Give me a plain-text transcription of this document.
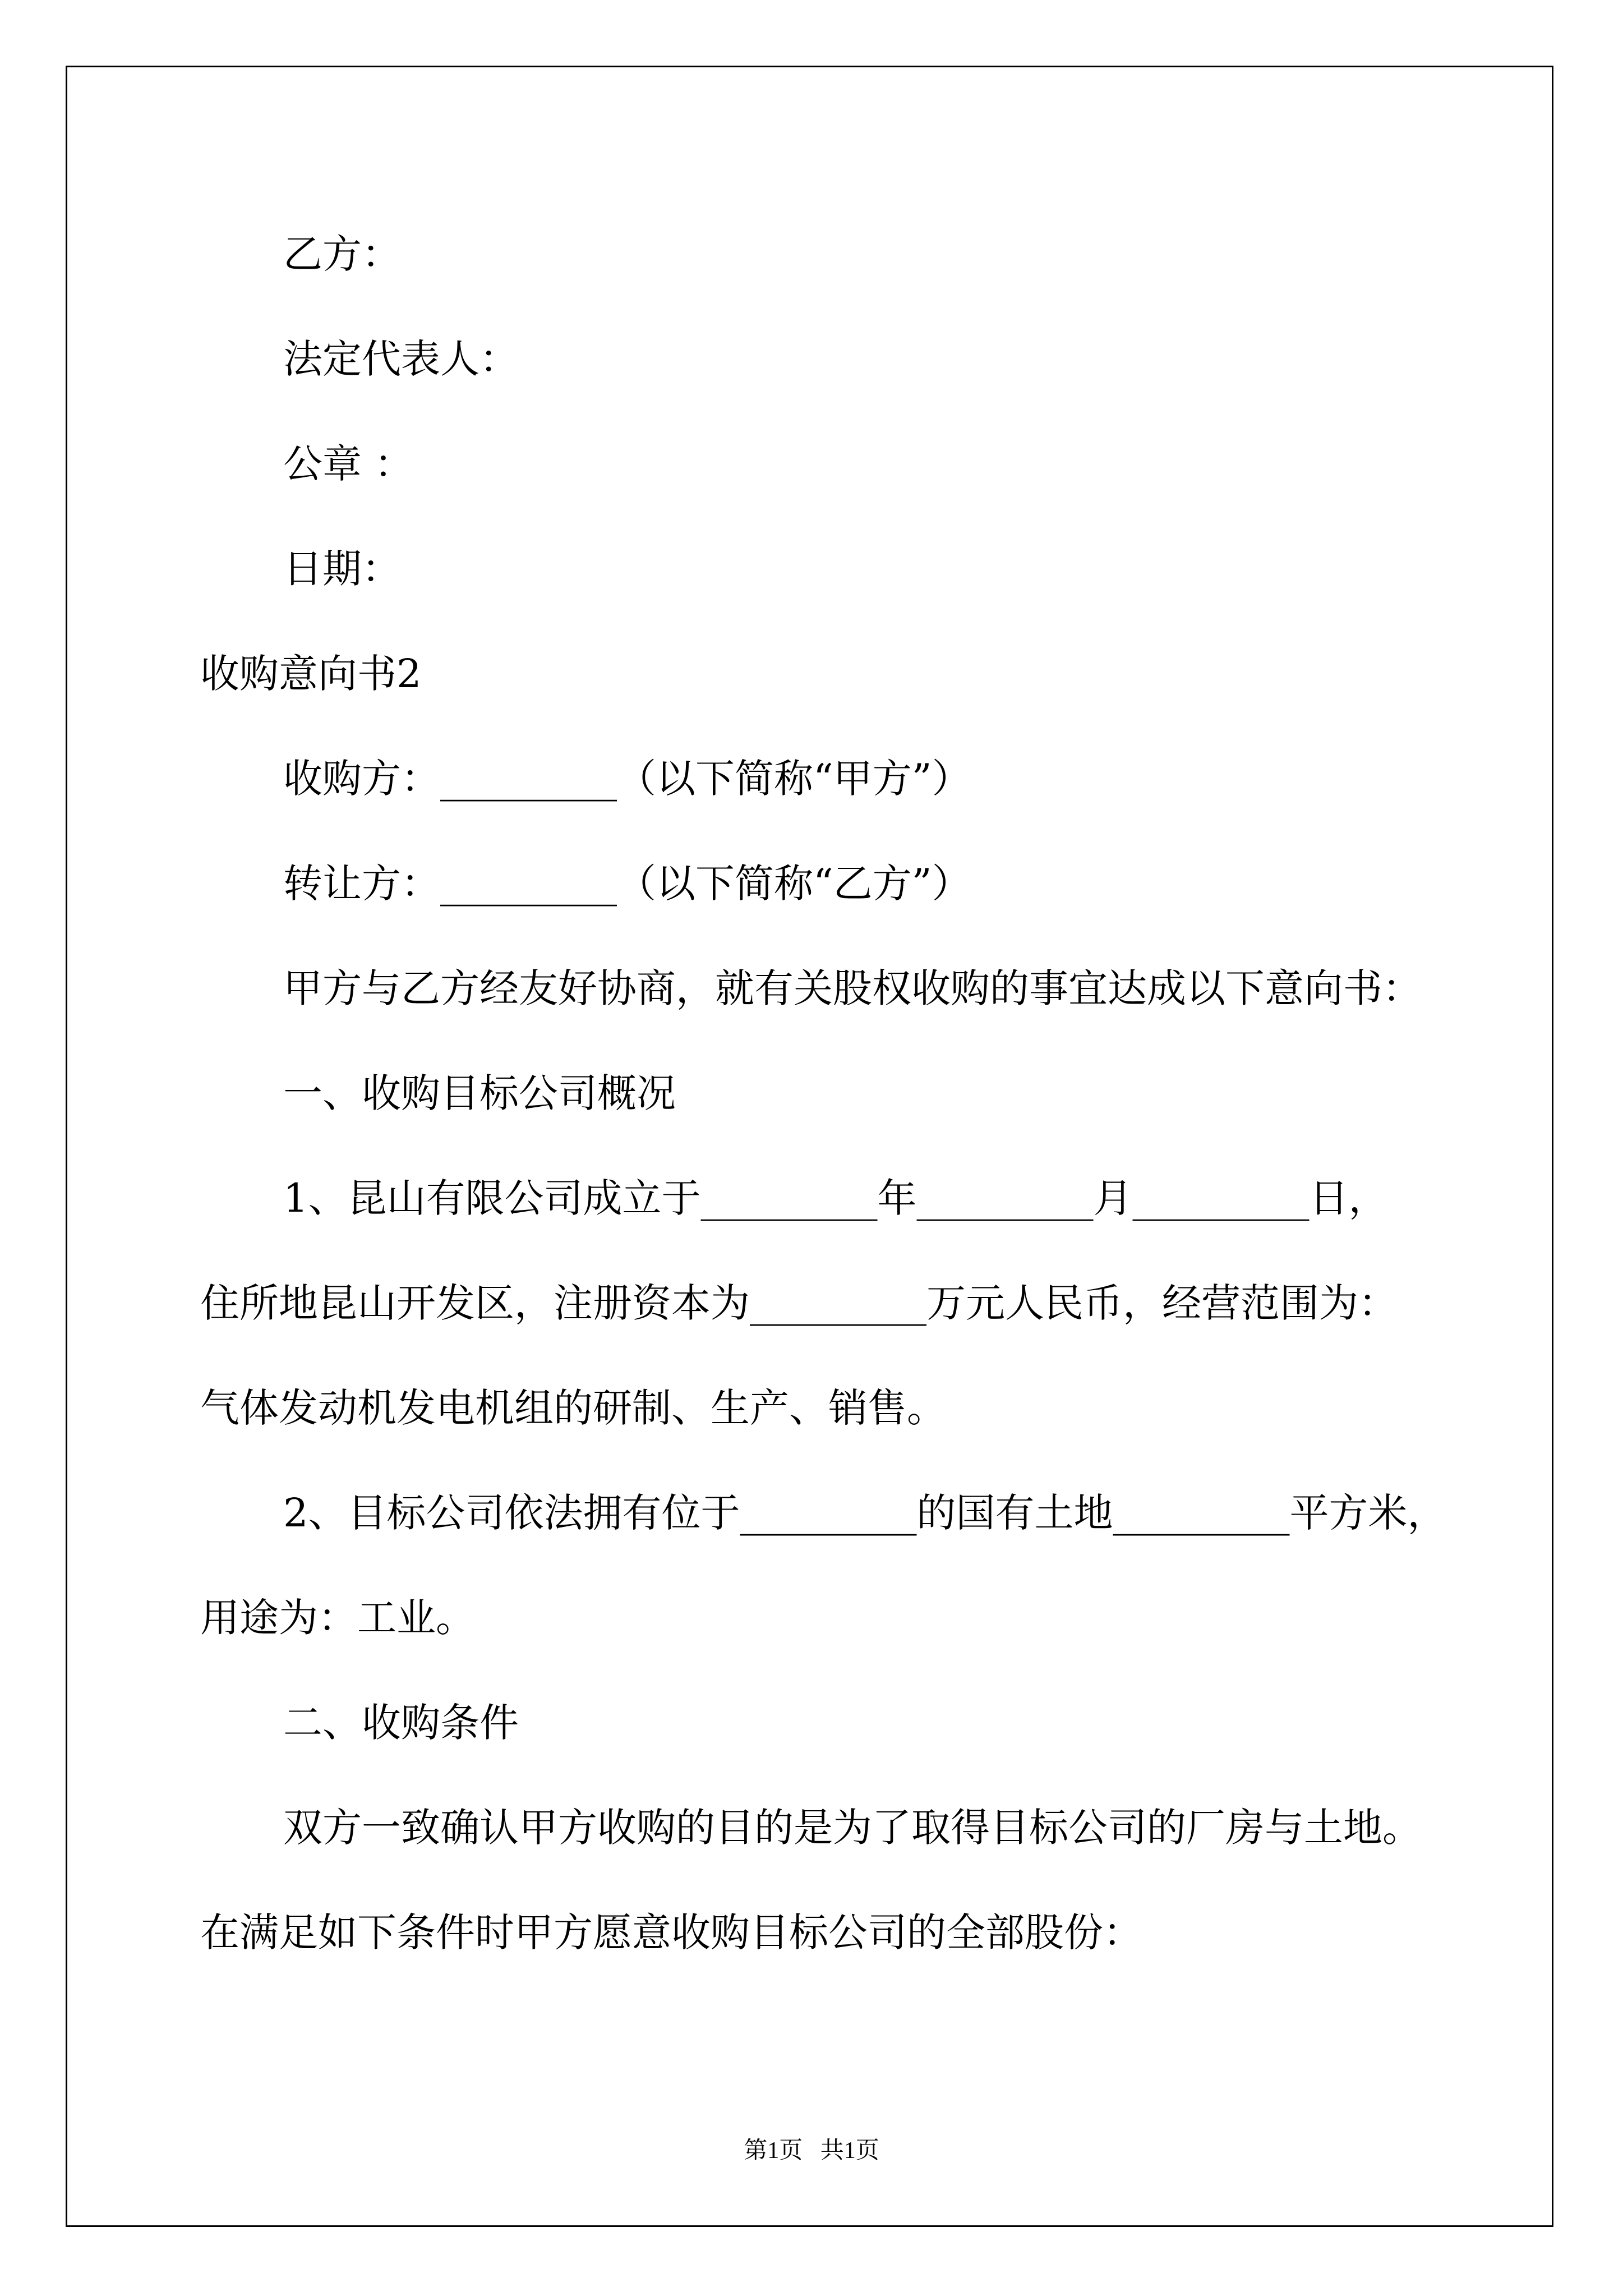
乙方：
法定代表人：
公章 ：
日期：
收购意向书2
收购方：_________（以下简称“甲方”）
转让方：_________（以下简称“乙方”）
甲方与乙方经友好协商，就有关股权收购的事宜达成以下意向书：
一、收购目标公司概况
1、昆山有限公司成立于_________年_________月_________日，
住所地昆山开发区，注册资本为_________万元人民币，经营范围为：
气体发动机发电机组的研制、生产、销售。
2、目标公司依法拥有位于_________的国有土地_________平方米，
用途为：工业。
二、收购条件
双方一致确认甲方收购的目的是为了取得目标公司的厂房与土地。
在满足如下条件时甲方愿意收购目标公司的全部股份：
第1页   共1页
